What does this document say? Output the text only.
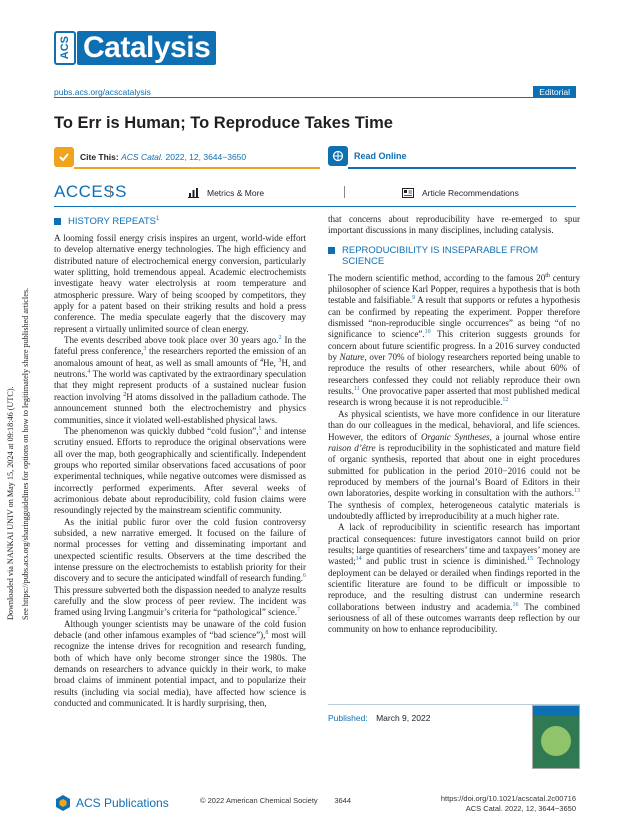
Downloaded via NANKAI UNIV on May 15, 2024 at 09:18:46 (UTC). See https://pubs.acs.org/sharingguidelines for options on how to legitimately share published articles.
ACS Catalysis
pubs.acs.org/acscatalysis	Editorial
To Err is Human; To Reproduce Takes Time
Cite This: ACS Catal. 2022, 12, 3644−3650	Read Online
ACCESS	Metrics & More	Article Recommendations
HISTORY REPEATS$^1$

A looming fossil energy crisis inspires an urgent, world-wide effort to develop alternative energy technologies. The high efficiency and distributed nature of electrochemical energy conversion, particularly water splitting, hold tremendous appeal. Academic electrochemists investigate heavy water electrolysis at room temperature and atmospheric pressure. Wary of being scooped by competitors, they apply for a patent based on their striking results and hold a press conference. The media speculate eagerly that the discovery may represent a virtually unlimited source of clean energy.

The events described above took place over 30 years ago.$^2$ In the fateful press conference,$^3$ the researchers reported the emission of an anomalous amount of heat, as well as small amounts of $^4$He, $^3$H, and neutrons.$^4$ The world was captivated by the extraordinary speculation that they might represent products of a sustained nuclear fusion reaction involving $^2$H atoms dissolved in the palladium cathode. The announcement stunned both the electrochemistry and physics communities, since it violated well-established physical laws.

The phenomenon was quickly dubbed “cold fusion”,$^5$ and intense scrutiny ensued. Efforts to reproduce the original observations were all over the map, both geographically and scientifically. Independent groups who reported similar observations faced accusations of poor experimental techniques, while negative outcomes were dismissed as incorrectly performed experiments. After several weeks of acrimonious debate about reproducibility, cold fusion claims were resoundingly rejected by the mainstream scientific community.

As the initial public furor over the cold fusion controversy subsided, a new narrative emerged. It focused on the failure of normal processes for vetting and disseminating important and unexpected scientific results. Observers at the time described the intense pressure on the electrochemists to establish priority for their discovery and to secure the anticipated windfall of research funding.$^6$ This pressure subverted both the dispassion needed to analyze results carefully and the slow process of peer review. The incident was framed using Irving Langmuir’s criteria for “pathological” science.$^7$

Although younger scientists may be unaware of the cold fusion debacle (and other infamous examples of “bad science”),$^8$ most will recognize the intense drives for recognition and research funding, both of which have only become stronger since the 1980s. The demands on researchers to advance quickly in their work, to make broad claims of imminent potential impact, and to popularize their results (including via social media), have affected how science is conducted and communicated. It is hardly surprising, then,

that concerns about reproducibility have re-emerged to spur important discussions in many disciplines, including catalysis.

REPRODUCIBILITY IS INSEPARABLE FROM SCIENCE

The modern scientific method, according to the famous 20th century philosopher of science Karl Popper, requires a hypothesis that is both testable and falsifiable.$^9$ A result that supports or refutes a hypothesis can be confirmed by repeating the experiment. Popper therefore dismissed “non-reproducible single occurrences” as being “of no significance to science”.$^{10}$ This criterion suggests grounds for concern about future scientific progress. In a 2016 survey conducted by Nature, over 70% of biology researchers reported being unable to reproduce the results of other researchers, while about 60% of researchers confessed they could not reliably reproduce their own results.$^{11}$ One provocative paper asserted that most published medical research is wrong because it is not reproducible.$^{12}$

As physical scientists, we have more confidence in our literature than do our colleagues in the medical, behavioral, and life sciences. However, the editors of Organic Syntheses, a journal whose entire raison d’être is reproducibility in the sophisticated and mature field of organic synthesis, reported that about one in eight procedures submitted for publication in the period 2010−2016 could not be reproduced by members of the journal’s Board of Editors in their own laboratories, despite working in consultation with the authors.$^{13}$ The synthesis of complex, heterogeneous catalytic materials is undoubtedly afflicted by irreproducibility at a much higher rate.

A lack of reproducibility in scientific research has important practical consequences: future investigators cannot build on prior results; large quantities of researchers’ time and taxpayers’ money are wasted;$^{14}$ and public trust in science is diminished.$^{15}$ Technology deployment can be delayed or derailed when findings reported in the scientific literature are found to be difficult or impossible to reproduce, and the resulting distrust can undermine research collaborations between industry and academia.$^{16}$ The combined seriousness of all of these outcomes warrants deep reflection by our community on how to enhance reproducibility.

Published: March 9, 2022
ACS Publications	© 2022 American Chemical Society 3644	https://doi.org/10.1021/acscatal.2c00716
ACS Catal. 2022, 12, 3644−3650
